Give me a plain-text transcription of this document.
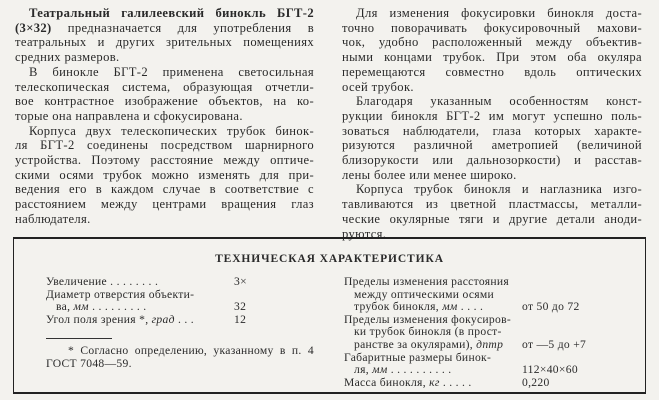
Театральный галилеевский бинокль БГТ-2
(3×32) предназначается для употребления в
театральных и других зрительных помещениях
средних размеров.

В бинокле БГТ-2 применена светосильная
телескопическая система, образующая отчетли-
вое контрастное изображение объектов, на ко-
торые она направлена и сфокусирована.

Корпуса двух телескопических трубок бинок-
ля БГТ-2 соединены посредством шарнирного
устройства. Поэтому расстояние между оптиче-
скими осями трубок можно изменять для при-
ведения его в каждом случае в соответствие с
расстоянием между центрами вращения глаз
наблюдателя.

Для изменения фокусировки бинокля доста-
точно поворачивать фокусировочный махови-
чок, удобно расположенный между объектив-
ными концами трубок. При этом оба окуляра
перемещаются совместно вдоль оптических
осей трубок.

Благодаря указанным особенностям конст-
рукции бинокля БГТ-2 им могут успешно поль-
зоваться наблюдатели, глаза которых характе-
ризуются различной аметропией (величиной
близорукости или дальнозоркости) и расстав-
лены более или менее широко.

Корпуса трубок бинокля и наглазника изго-
тавливаются из цветной пластмассы, металли-
ческие окулярные тяги и другие детали аноди-
руются.

ТЕХНИЧЕСКАЯ ХАРАКТЕРИСТИКА
Увеличение . . . . . . . .	3×
Диаметр отверстия объекти-
ва, мм . . . . . . . . .	32
Угол поля зрения *, град . . .	12
* Согласно определению, указанному в п. 4
ГОСТ 7048—59.
Пределы изменения расстояния
между оптическими осями
трубок бинокля, мм . . . .	от 50 до 72
Пределы изменения фокусиров-
ки трубок бинокля (в прост-
ранстве за окулярами), дптр от —5 до +7
Габаритные размеры бинок-
ля, мм . . . . . . . . . .	112×40×60
Масса бинокля, кг . . . . .	0,220
